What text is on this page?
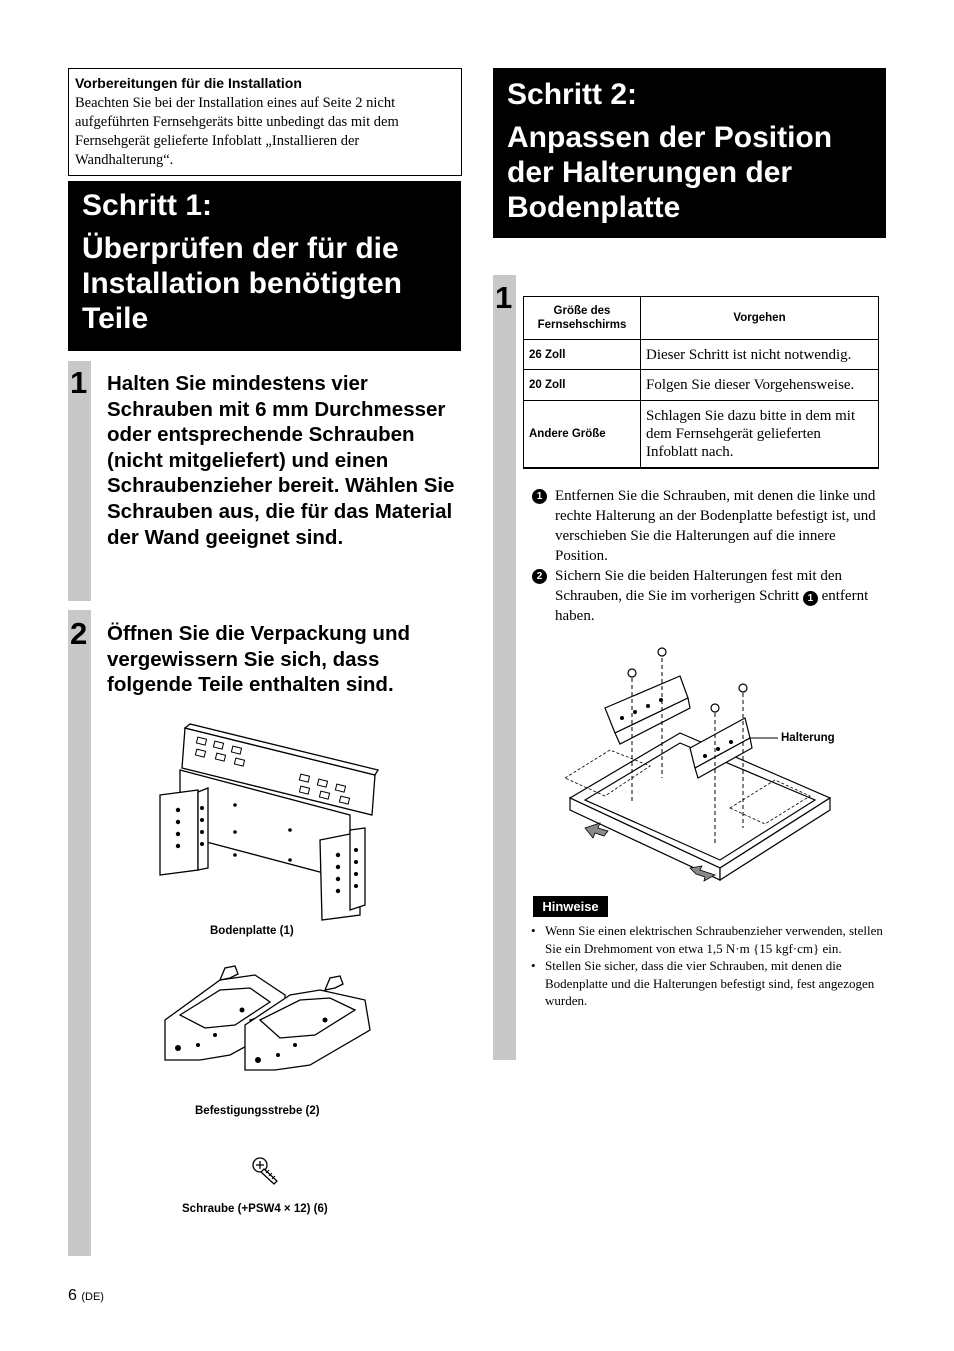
Vorbereitungen für die Installation
Beachten Sie bei der Installation eines auf Seite 2 nicht aufgeführten Fernsehgeräts bitte unbedingt das mit dem Fernsehgerät gelieferte Infoblatt „Installieren der Wandhalterung“.
Schritt 1:
Überprüfen der für die Installation benötigten Teile
1 Halten Sie mindestens vier Schrauben mit 6 mm Durchmesser oder entsprechende Schrauben (nicht mitgeliefert) und einen Schraubenzieher bereit. Wählen Sie Schrauben aus, die für das Material der Wand geeignet sind.
2 Öffnen Sie die Verpackung und vergewissern Sie sich, dass folgende Teile enthalten sind.
Bodenplatte (1)
Befestigungsstrebe (2)
Schraube (+PSW4 × 12) (6)
Schritt 2:
Anpassen der Position der Halterungen der Bodenplatte
1	Größe des Fernsehschirms	Vorgehen
26 Zoll	Dieser Schritt ist nicht notwendig.
20 Zoll	Folgen Sie dieser Vorgehensweise.
Andere Größe	Schlagen Sie dazu bitte in dem mit dem Fernsehgerät gelieferten Infoblatt nach.
1 Entfernen Sie die Schrauben, mit denen die linke und rechte Halterung an der Bodenplatte befestigt ist, und verschieben Sie die Halterungen auf die innere Position.
2 Sichern Sie die beiden Halterungen fest mit den Schrauben, die Sie im vorherigen Schritt 1 entfernt haben.
Halterung
Hinweise
• Wenn Sie einen elektrischen Schraubenzieher verwenden, stellen Sie ein Drehmoment von etwa 1,5 N·m {15 kgf·cm} ein.
• Stellen Sie sicher, dass die vier Schrauben, mit denen die Bodenplatte und die Halterungen befestigt sind, fest angezogen wurden.
6 (DE)
